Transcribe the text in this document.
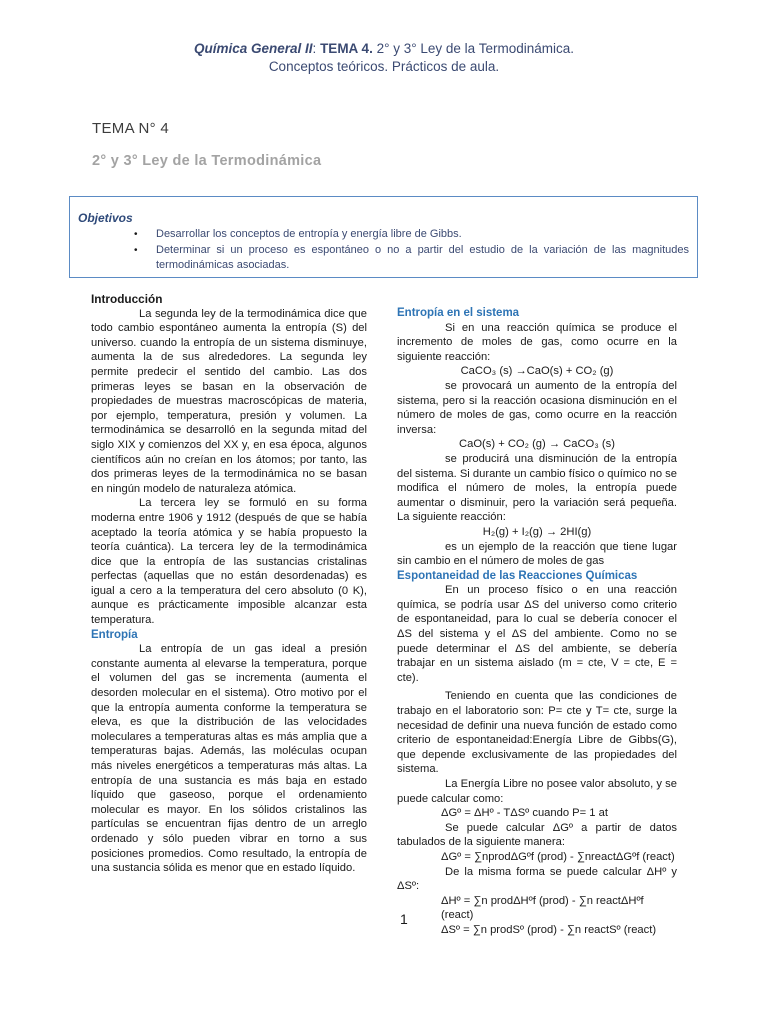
Química General II: TEMA 4. 2° y 3° Ley de la Termodinámica.
Conceptos teóricos. Prácticos de aula.
TEMA N° 4
2° y 3° Ley de la Termodinámica
Objetivos
• Desarrollar los conceptos de entropía y energía libre de Gibbs.
• Determinar si un proceso es espontáneo o no a partir del estudio de la variación de las magnitudes termodinámicas asociadas.
Introducción

La segunda ley de la termodinámica dice que todo cambio espontáneo aumenta la entropía (S) del universo. cuando la entropía de un sistema disminuye, aumenta la de sus alrededores. La segunda ley permite predecir el sentido del cambio. Las dos primeras leyes se basan en la observación de propiedades de muestras macroscópicas de materia, por ejemplo, temperatura, presión y volumen. La termodinámica se desarrolló en la segunda mitad del siglo XIX y comienzos del XX y, en esa época, algunos científicos aún no creían en los átomos; por tanto, las dos primeras leyes de la termodinámica no se basan en ningún modelo de naturaleza atómica.

La tercera ley se formuló en su forma moderna entre 1906 y 1912 (después de que se había aceptado la teoría atómica y se había propuesto la teoría cuántica). La tercera ley de la termodinámica dice que la entropía de las sustancias cristalinas perfectas (aquellas que no están desordenadas) es igual a cero a la temperatura del cero absoluto (0 K), aunque es prácticamente imposible alcanzar esta temperatura.

Entropía

La entropía de un gas ideal a presión constante aumenta al elevarse la temperatura, porque el volumen del gas se incrementa (aumenta el desorden molecular en el sistema). Otro motivo por el que la entropía aumenta conforme la temperatura se eleva, es que la distribución de las velocidades moleculares a temperaturas altas es más amplia que a temperaturas bajas. Además, las moléculas ocupan más niveles energéticos a temperaturas más altas. La entropía de una sustancia es más baja en estado líquido que gaseoso, porque el ordenamiento molecular es mayor. En los sólidos cristalinos las partículas se encuentran fijas dentro de un arreglo ordenado y sólo pueden vibrar en torno a sus posiciones promedios. Como resultado, la entropía de una sustancia sólida es menor que en estado líquido.

Entropía en el sistema

Si en una reacción química se produce el incremento de moles de gas, como ocurre en la siguiente reacción:

CaCO₃ (s) →CaO(s) + CO₂ (g)

se provocará un aumento de la entropía del sistema, pero si la reacción ocasiona disminución en el número de moles de gas, como ocurre en la reacción inversa:

CaO(s) + CO₂ (g) → CaCO₃ (s)

se producirá una disminución de la entropía del sistema. Si durante un cambio físico o químico no se modifica el número de moles, la entropía puede aumentar o disminuir, pero la variación será pequeña. La siguiente reacción:

H₂(g) + I₂(g) → 2HI(g)

es un ejemplo de la reacción que tiene lugar sin cambio en el número de moles de gas

Espontaneidad de las Reacciones Químicas

En un proceso físico o en una reacción química, se podría usar ΔS del universo como criterio de espontaneidad, para lo cual se debería conocer el ΔS del sistema y el ΔS del ambiente. Como no se puede determinar el ΔS del ambiente, se debería trabajar en un sistema aislado (m = cte, V = cte, E = cte).

Teniendo en cuenta que las condiciones de trabajo en el laboratorio son: P= cte y T= cte, surge la necesidad de definir una nueva función de estado como criterio de espontaneidad:Energía Libre de Gibbs(G), que depende exclusivamente de las propiedades del sistema.

La Energía Libre no posee valor absoluto, y se puede calcular como:

ΔGº = ΔHº - TΔSº cuando P= 1 at

Se puede calcular ΔGº a partir de datos tabulados de la siguiente manera:

ΔGº = ∑nprodΔGºf (prod) - ∑nreactΔGºf (react)

De la misma forma se puede calcular ΔHº y ΔSº:

ΔHº = ∑n prodΔHºf (prod) - ∑n reactΔHºf (react)

ΔSº = ∑n prodSº (prod) - ∑n reactSº (react)

1
